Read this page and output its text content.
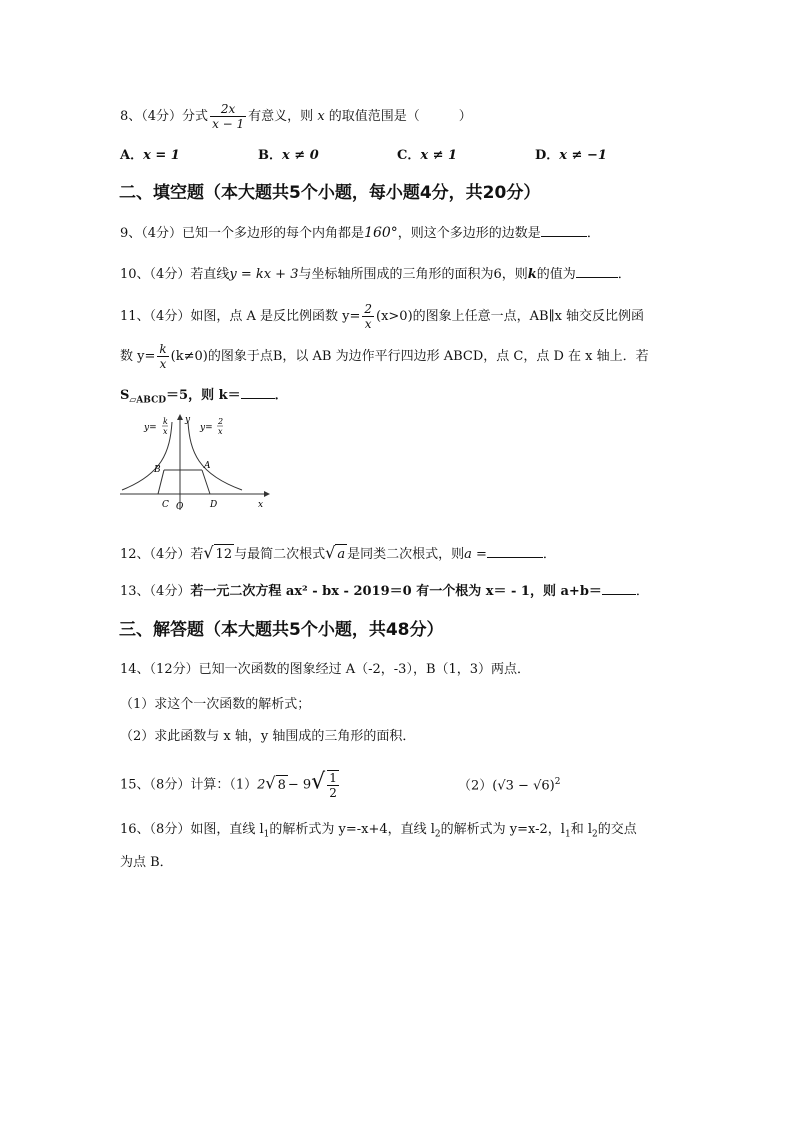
8、（4分）分式 $\frac{2x}{x - 1}$ 有意义，则 x 的取值范围是（　　　）
A．x = 1	B．x ≠ 0	C．x ≠ 1	D．x ≠ −1
二、填空题（本大题共5个小题，每小题4分，共20分）
9、（4分）已知一个多边形的每个内角都是160°，则这个多边形的边数是	．
10、（4分）若直线y = kx + 3与坐标轴所围成的三角形的面积为6，则k的值为	．
11、（4分）如图，点 A 是反比例函数 $y= \frac{2}{x} (x>0)$的图象上任意一点，AB∥x 轴交反比例函
数 $y= \frac{k}{x} (k\ne 0)$的图象于点B，以 AB 为边作平行四边形 ABCD，点 C，点 D 在 x 轴上．若
$S_{▱ABCD}=5$，则 k＝	．
y=
k
x	y=
2
x
y
x
B	A
C O	D
12、（4分）若√ 12 与最简二次根式√ a 是同类二次根式，则a =	．
13、（4分）若一元二次方程 ax² - bx - 2019＝0 有一个根为 x＝ - 1，则 a+b＝	．
三、解答题（本大题共5个小题，共48分）
14、（12分）已知一次函数的图象经过 A（-2，-3），B（1，3）两点．
（1）求这个一次函数的解析式；
（2）求此函数与 x 轴，y 轴围成的三角形的面积．
15、（8分）计算：（1）2√ $8 - 9√ \frac{1}{2}$	$(2)(√3 - √6)^2$
16、（8分）如图，直线 $l_1$的解析式为 y=-x+4，直线 $l_2$的解析式为 y=x-2，$l_1$和 $l_2$的交点
为点 B．
